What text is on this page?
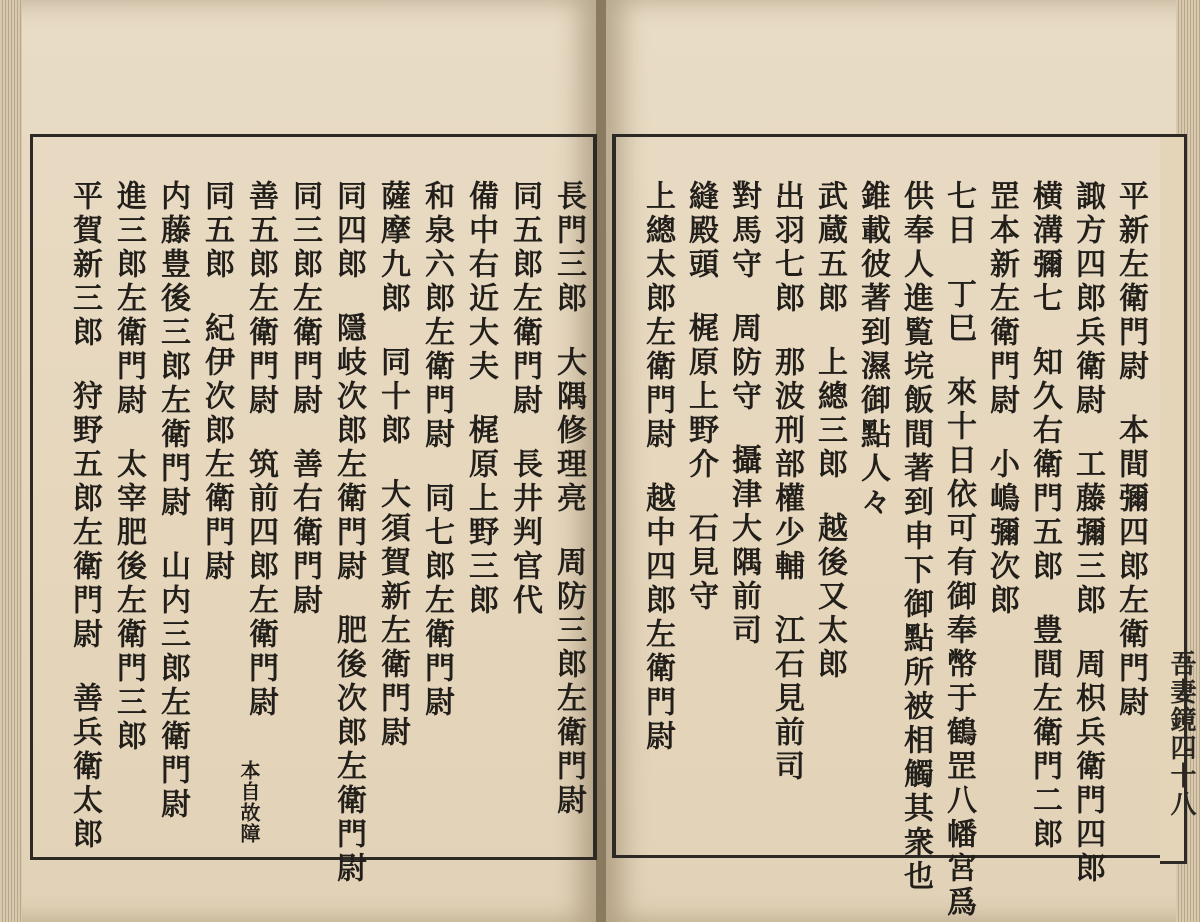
吾妻鏡四十八
平新左衛門尉　本間彌四郎左衛門尉
諏方四郎兵衛尉　工藤彌三郎　周枳兵衛門四郎
横溝彌七　知久右衛門五郎　豊間左衛門二郎
罡本新左衛門尉　小嶋彌次郎
七日　丁巳　來十日依可有御奉幣于鶴罡八幡宮爲
供奉人進覧垸飯間著到申下御點所被相觸其衆也
錐載彼著到濕御點人々
武蔵五郎　上總三郎　越後又太郎
出羽七郎　那波刑部權少輔　江石見前司
對馬守　周防守　攝津大隅前司
縫殿頭　梶原上野介　石見守
上總太郎左衛門尉　越中四郎左衛門尉
長門三郎　大隅修理亮　周防三郎左衛門尉
同五郎左衛門尉　長井判官代
備中右近大夫　梶原上野三郎
和泉六郎左衛門尉　同七郎左衛門尉
薩摩九郎　同十郎　大須賀新左衛門尉
同四郎　隱岐次郎左衛門尉　肥後次郎左衛門尉
同三郎左衛門尉　善右衛門尉
善五郎左衛門尉　筑前四郎左衛門尉
同五郎　紀伊次郎左衛門尉
内藤豊後三郎左衛門尉　山内三郎左衛門尉
進三郎左衛門尉　太宰肥後左衛門三郎
平賀新三郎　狩野五郎左衛門尉　善兵衛太郎	本自故障
